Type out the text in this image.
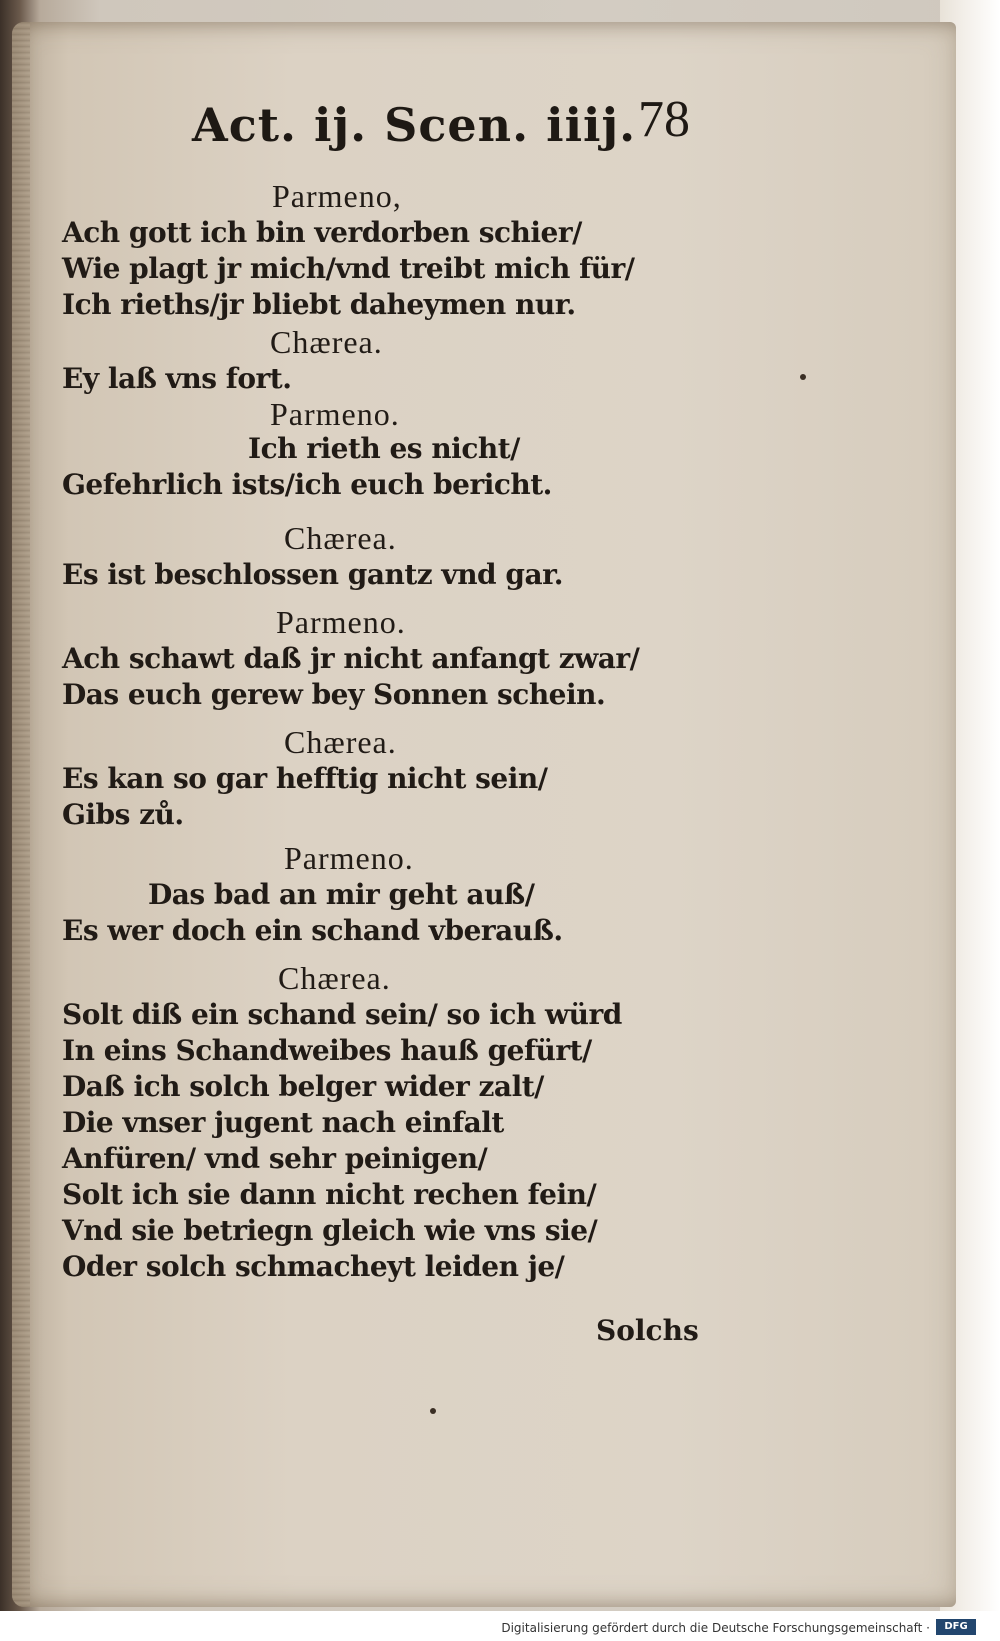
Act. ij. Scen. iiij. 78
Parmeno,
Ach gott ich bin verdorben schier/
Wie plagt jr mich/vnd treibt mich für/
Ich rieths/jr bliebt daheymen nur.
Chærea.
Ey laß vns fort.
Parmeno.
Ich rieth es nicht/
Gefehrlich ists/ich euch bericht.
Chærea.
Es ist beschlossen gantz vnd gar.
Parmeno.
Ach schawt daß jr nicht anfangt zwar/
Das euch gerew bey Sonnen schein.
Chærea.
Es kan so gar hefftig nicht sein/
Gibs zů.
Parmeno.
Das bad an mir geht auß/
Es wer doch ein schand vberauß.
Chærea.
Solt diß ein schand sein/ so ich würd
In eins Schandweibes hauß gefürt/
Daß ich solch belger wider zalt/
Die vnser jugent nach einfalt
Anfüren/ vnd sehr peinigen/
Solt ich sie dann nicht rechen fein/
Vnd sie betriegn gleich wie vns sie/
Oder solch schmacheyt leiden je/
Solchs
Digitalisierung gefördert durch die Deutsche Forschungsgemeinschaft ·	DFG
